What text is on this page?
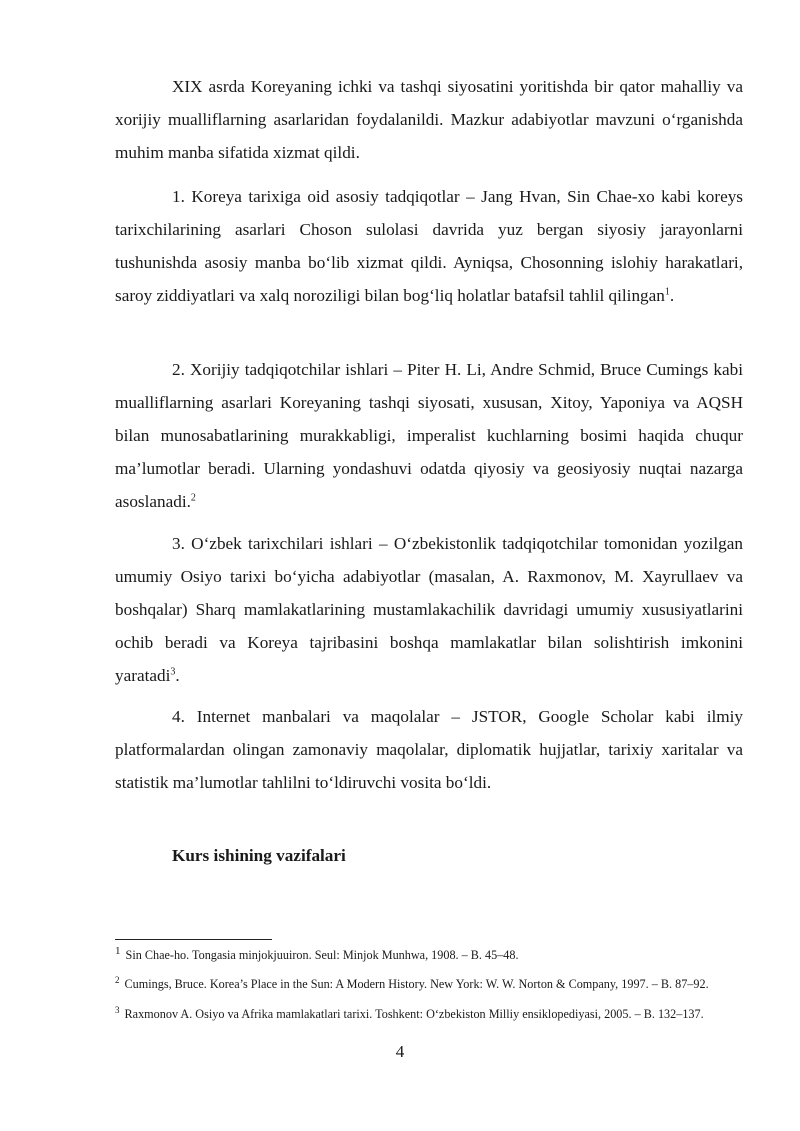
XIX asrda Koreyaning ichki va tashqi siyosatini yoritishda bir qator mahalliy va xorijiy mualliflarning asarlaridan foydalanildi. Mazkur adabiyotlar mavzuni o‘rganishda muhim manba sifatida xizmat qildi.

1. Koreya tarixiga oid asosiy tadqiqotlar – Jang Hvan, Sin Chae-xo kabi koreys tarixchilarining asarlari Choson sulolasi davrida yuz bergan siyosiy jarayonlarni tushunishda asosiy manba bo‘lib xizmat qildi. Ayniqsa, Chosonning islohiy harakatlari, saroy ziddiyatlari va xalq noroziligi bilan bog‘liq holatlar batafsil tahlil qilingan$^1$.

2. Xorijiy tadqiqotchilar ishlari – Piter H. Li, Andre Schmid, Bruce Cumings kabi mualliflarning asarlari Koreyaning tashqi siyosati, xususan, Xitoy, Yaponiya va AQSH bilan munosabatlarining murakkabligi, imperalist kuchlarning bosimi haqida chuqur ma’lumotlar beradi. Ularning yondashuvi odatda qiyosiy va geosiyosiy nuqtai nazarga asoslanadi.$^2$

3. O‘zbek tarixchilari ishlari – O‘zbekistonlik tadqiqotchilar tomonidan yozilgan umumiy Osiyo tarixi bo‘yicha adabiyotlar (masalan, A. Raxmonov, M. Xayrullaev va boshqalar) Sharq mamlakatlarining mustamlakachilik davridagi umumiy xususiyatlarini ochib beradi va Koreya tajribasini boshqa mamlakatlar bilan solishtirish imkonini yaratadi$^3$.

4. Internet manbalari va maqolalar – JSTOR, Google Scholar kabi ilmiy platformalardan olingan zamonaviy maqolalar, diplomatik hujjatlar, tarixiy xaritalar va statistik ma’lumotlar tahlilni to‘ldiruvchi vosita bo‘ldi.

Kurs ishining vazifalari

$^1$ Sin Chae-ho. Tongasia minjokjuuiron. Seul: Minjok Munhwa, 1908. – B. 45–48.

$^2$ Cumings, Bruce. Korea’s Place in the Sun: A Modern History. New York: W. W. Norton & Company, 1997. – B. 87–92.

$^3$ Raxmonov A. Osiyo va Afrika mamlakatlari tarixi. Toshkent: O‘zbekiston Milliy ensiklopediyasi, 2005. – B. 132–137.

4
